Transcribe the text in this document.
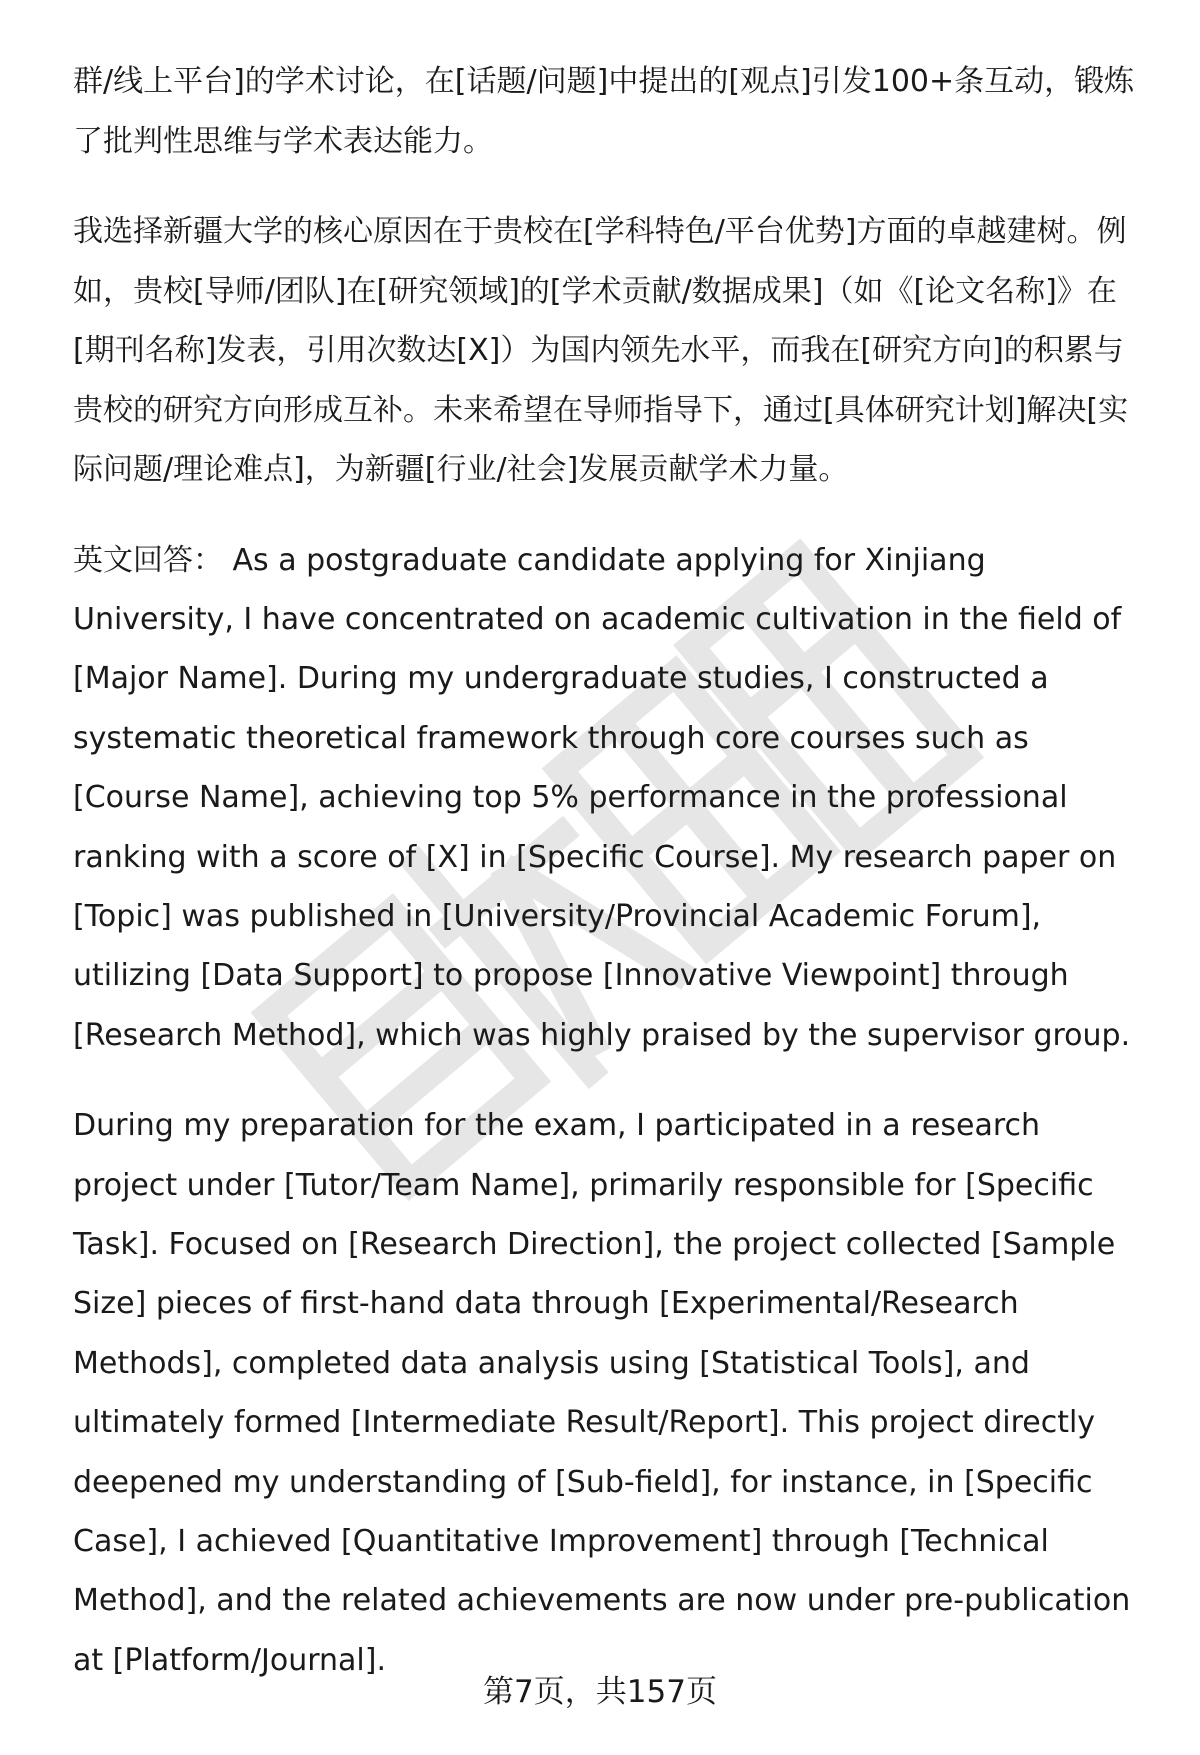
群/线上平台]的学术讨论，在[话题/问题]中提出的[观点]引发100+条互动，锻炼了批判性思维与学术表达能力。

我选择新疆大学的核心原因在于贵校在[学科特色/平台优势]方面的卓越建树。例如，贵校[导师/团队]在[研究领域]的[学术贡献/数据成果]（如《[论文名称]》在[期刊名称]发表，引用次数达[X]）为国内领先水平，而我在[研究方向]的积累与贵校的研究方向形成互补。未来希望在导师指导下，通过[具体研究计划]解决[实际问题/理论难点]，为新疆[行业/社会]发展贡献学术力量。

英文回答： As a postgraduate candidate applying for Xinjiang University, I have concentrated on academic cultivation in the field of [Major Name]. During my undergraduate studies, I constructed a systematic theoretical framework through core courses such as [Course Name], achieving top 5% performance in the professional ranking with a score of [X] in [Specific Course]. My research paper on [Topic] was published in [University/Provincial Academic Forum], utilizing [Data Support] to propose [Innovative Viewpoint] through [Research Method], which was highly praised by the supervisor group.

During my preparation for the exam, I participated in a research project under [Tutor/Team Name], primarily responsible for [Specific Task]. Focused on [Research Direction], the project collected [Sample Size] pieces of first-hand data through [Experimental/Research Methods], completed data analysis using [Statistical Tools], and ultimately formed [Intermediate Result/Report]. This project directly deepened my understanding of [Sub-field], for instance, in [Specific Case], I achieved [Quantitative Improvement] through [Technical Method], and the related achievements are now under pre-publication at [Platform/Journal].

第7页，共157页
